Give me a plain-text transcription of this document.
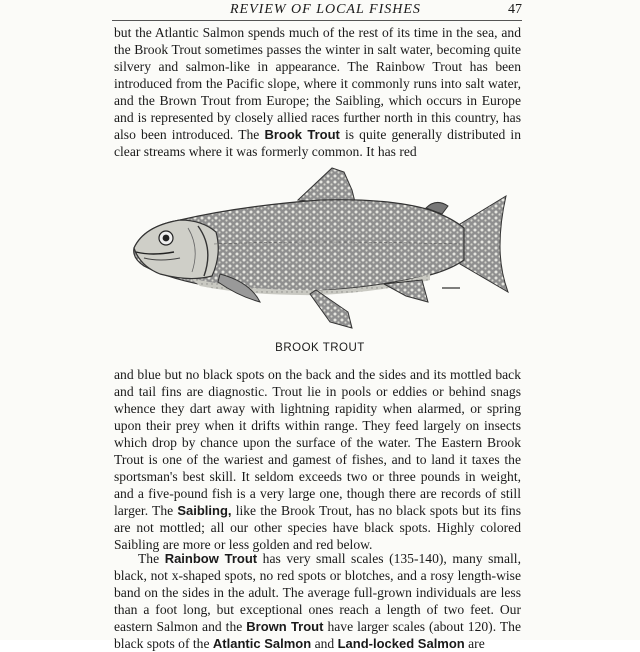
REVIEW OF LOCAL FISHES	47

but the Atlantic Salmon spends much of the rest of its time in the sea, and the Brook Trout sometimes passes the winter in salt water, becoming quite silvery and salmon-like in appearance. The Rainbow Trout has been introduced from the Pacific slope, where it commonly runs into salt water, and the Brown Trout from Europe; the Saibling, which occurs in Europe and is represented by closely allied races further north in this country, has also been introduced. The Brook Trout is quite generally distributed in clear streams where it was formerly common. It has red

BROOK TROUT

and blue but no black spots on the back and the sides and its mottled back and tail fins are diagnostic. Trout lie in pools or eddies or behind snags whence they dart away with lightning rapidity when alarmed, or spring upon their prey when it drifts within range. They feed largely on insects which drop by chance upon the surface of the water. The Eastern Brook Trout is one of the wariest and gamest of fishes, and to land it taxes the sportsman's best skill. It seldom exceeds two or three pounds in weight, and a five-pound fish is a very large one, though there are records of still larger. The Saibling, like the Brook Trout, has no black spots but its fins are not mottled; all our other species have black spots. Highly colored Saibling are more or less golden and red below.

The Rainbow Trout has very small scales (135-140), many small, black, not x-shaped spots, no red spots or blotches, and a rosy length-wise band on the sides in the adult. The average full-grown individuals are less than a foot long, but exceptional ones reach a length of two feet. Our eastern Salmon and the Brown Trout have larger scales (about 120). The black spots of the Atlantic Salmon and Land-locked Salmon are
